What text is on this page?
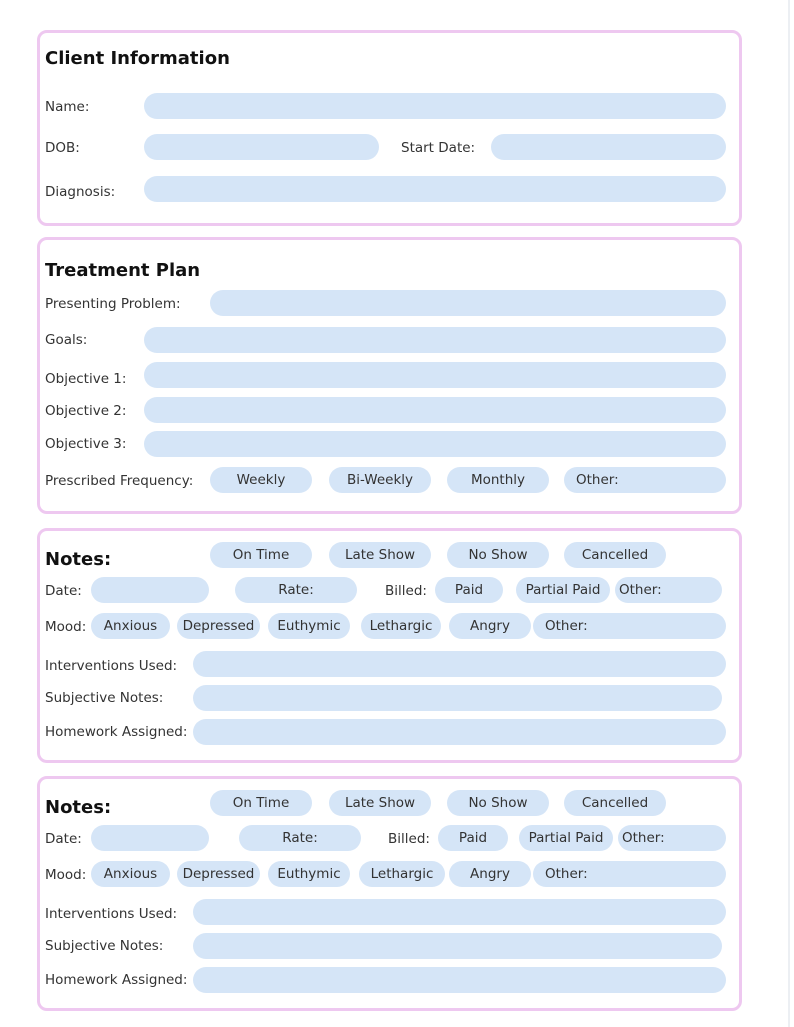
Client Information
Name:
DOB:	Start Date:
Diagnosis:
Treatment Plan
Presenting Problem:
Goals:
Objective 1:
Objective 2:
Objective 3:
Prescribed Frequency:	Weekly	Bi-Weekly	Monthly	Other:
Notes:	On Time	Late Show	No Show	Cancelled
Date:	Rate:	Billed:	Paid	Partial Paid	Other:
Mood:	Anxious	Depressed	Euthymic	Lethargic	Angry	Other:
Interventions Used:
Subjective Notes:
Homework Assigned:
Notes:	On Time	Late Show	No Show	Cancelled
Date:	Rate:	Billed:	Paid	Partial Paid	Other:
Mood:	Anxious	Depressed	Euthymic	Lethargic	Angry	Other:
Interventions Used:
Subjective Notes:
Homework Assigned:
